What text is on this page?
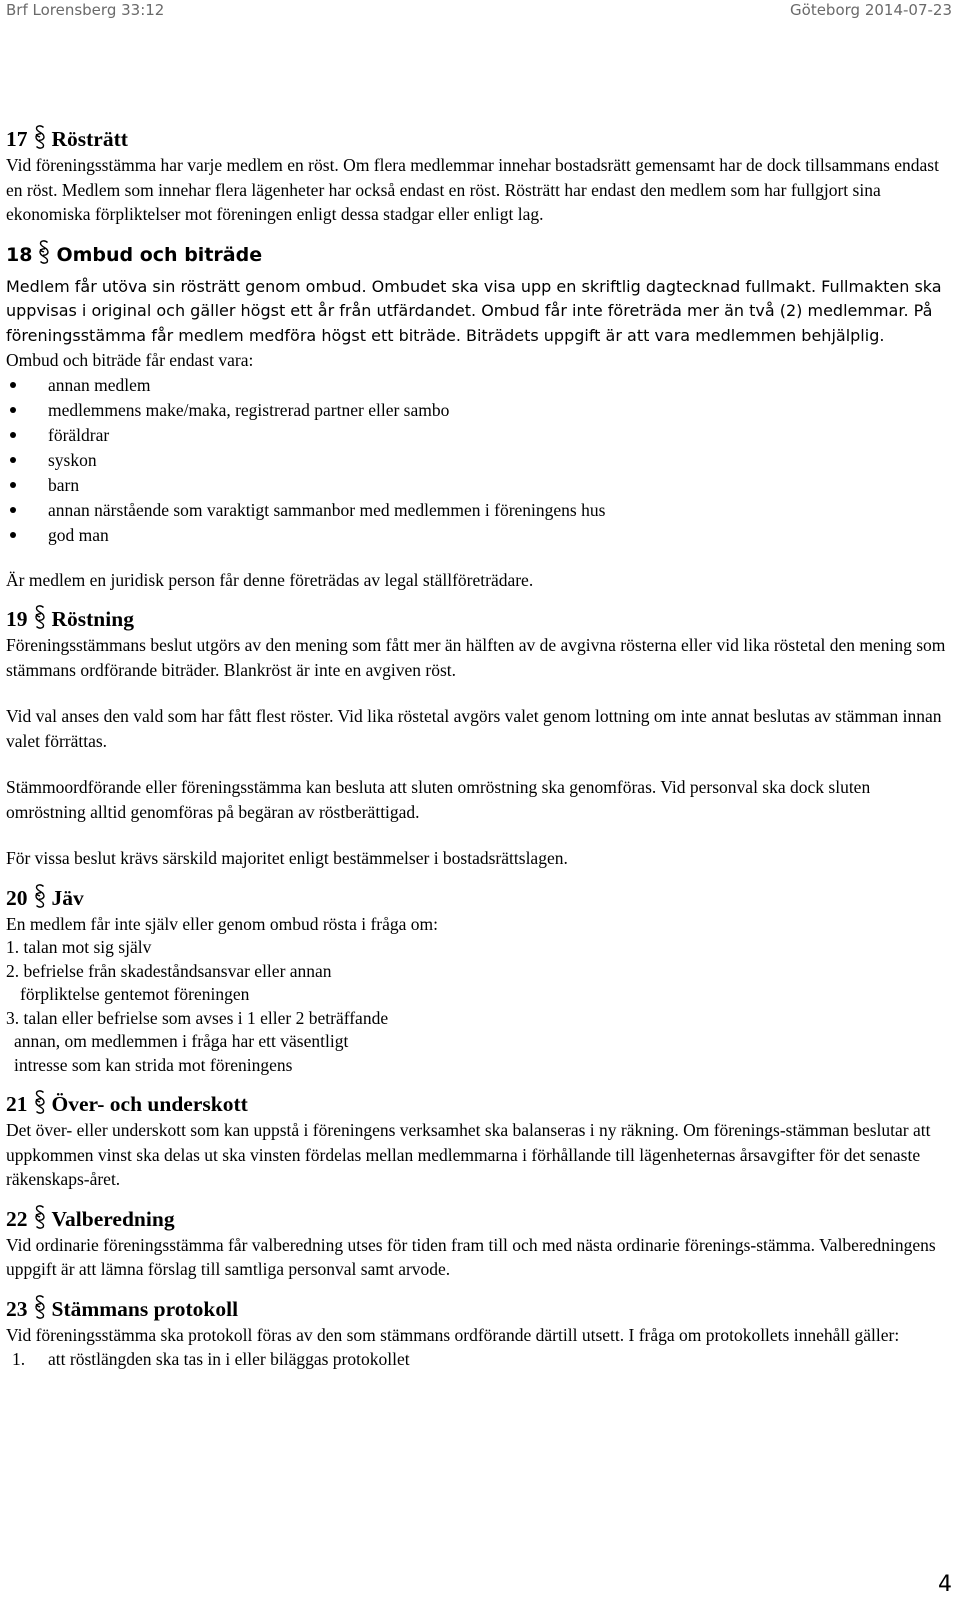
Brf Lorensberg 33:12	Göteborg 2014-07-23
17 Rösträtt

Vid föreningsstämma har varje medlem en röst. Om flera medlemmar innehar bostadsrätt gemensamt har de dock tillsammans endast en röst. Medlem som innehar flera lägenheter har också endast en röst. Rösträtt har endast den medlem som har fullgjort sina ekonomiska förpliktelser mot föreningen enligt dessa stadgar eller enligt lag.

18 Ombud och biträde

Medlem får utöva sin rösträtt genom ombud. Ombudet ska visa upp en skriftlig dagtecknad fullmakt. Fullmakten ska uppvisas i original och gäller högst ett år från utfärdandet. Ombud får inte företräda mer än två (2) medlemmar. På föreningsstämma får medlem medföra högst ett biträde. Biträdets uppgift är att vara medlemmen behjälplig.

Ombud och biträde får endast vara:

annan medlem
medlemmens make/maka, registrerad partner eller sambo
föräldrar
syskon
barn
annan närstående som varaktigt sammanbor med medlemmen i föreningens hus
god man

Är medlem en juridisk person får denne företrädas av legal ställföreträdare.

19 Röstning

Föreningsstämmans beslut utgörs av den mening som fått mer än hälften av de avgivna rösterna eller vid lika röstetal den mening som stämmans ordförande biträder. Blankröst är inte en avgiven röst.

Vid val anses den vald som har fått flest röster. Vid lika röstetal avgörs valet genom lottning om inte annat beslutas av stämman innan valet förrättas.

Stämmoordförande eller föreningsstämma kan besluta att sluten omröstning ska genomföras. Vid personval ska dock sluten omröstning alltid genomföras på begäran av röstberättigad.

För vissa beslut krävs särskild majoritet enligt bestämmelser i bostadsrättslagen.

20 Jäv

En medlem får inte själv eller genom ombud rösta i fråga om:

1. talan mot sig själv
2. befrielse från skadeståndsansvar eller annan
förpliktelse gentemot föreningen
3. talan eller befrielse som avses i 1 eller 2 beträffande
annan, om medlemmen i fråga har ett väsentligt
intresse som kan strida mot föreningens
21 Över- och underskott

Det över- eller underskott som kan uppstå i föreningens verksamhet ska balanseras i ny räkning. Om förenings-stämman beslutar att uppkommen vinst ska delas ut ska vinsten fördelas mellan medlemmarna i förhållande till lägenheternas årsavgifter för det senaste räkenskaps-året.

22 Valberedning

Vid ordinarie föreningsstämma får valberedning utses för tiden fram till och med nästa ordinarie förenings-stämma. Valberedningens uppgift är att lämna förslag till samtliga personval samt arvode.

23 Stämmans protokoll

Vid föreningsstämma ska protokoll föras av den som stämmans ordförande därtill utsett. I fråga om protokollets innehåll gäller:

1. att röstlängden ska tas in i eller biläggas protokollet
4
